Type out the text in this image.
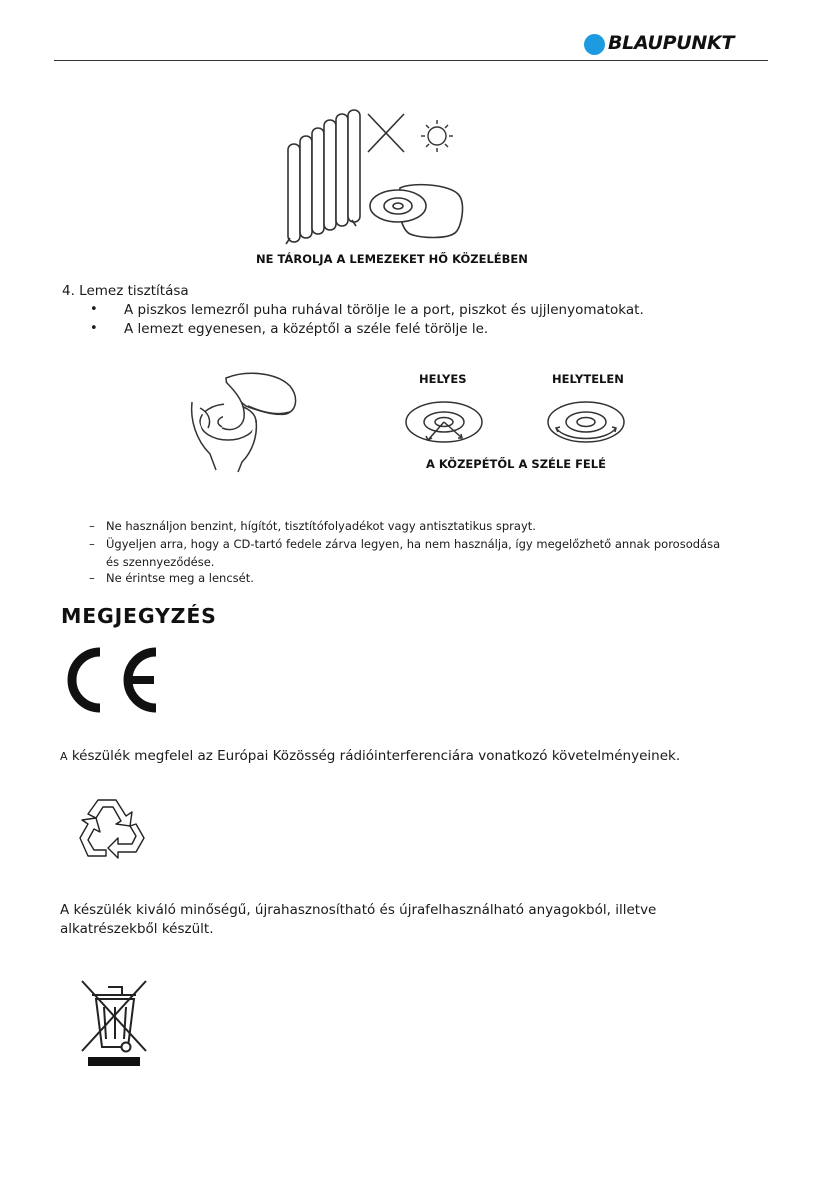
BLAUPUNKT
NE TÁROLJA A LEMEZEKET HŐ KÖZELÉBEN
4. Lemez tisztítása
• A piszkos lemezről puha ruhával törölje le a port, piszkot és ujjlenyomatokat.
• A lemezt egyenesen, a középtől a széle felé törölje le.
HELYES	HELYTELEN
A KÖZEPÉTŐL A SZÉLE FELÉ
– Ne használjon benzint, hígítót, tisztítófolyadékot vagy antisztatikus sprayt.
– Ügyeljen arra, hogy a CD-tartó fedele zárva legyen, ha nem használja, így megelőzhető annak porosodása
és szennyeződése.
– Ne érintse meg a lencsét.
MEGJEGYZÉS
A készülék megfelel az Európai Közösség rádióinterferenciára vonatkozó követelményeinek.
A készülék kiváló minőségű, újrahasznosítható és újrafelhasználható anyagokból, illetve
alkatrészekből készült.
